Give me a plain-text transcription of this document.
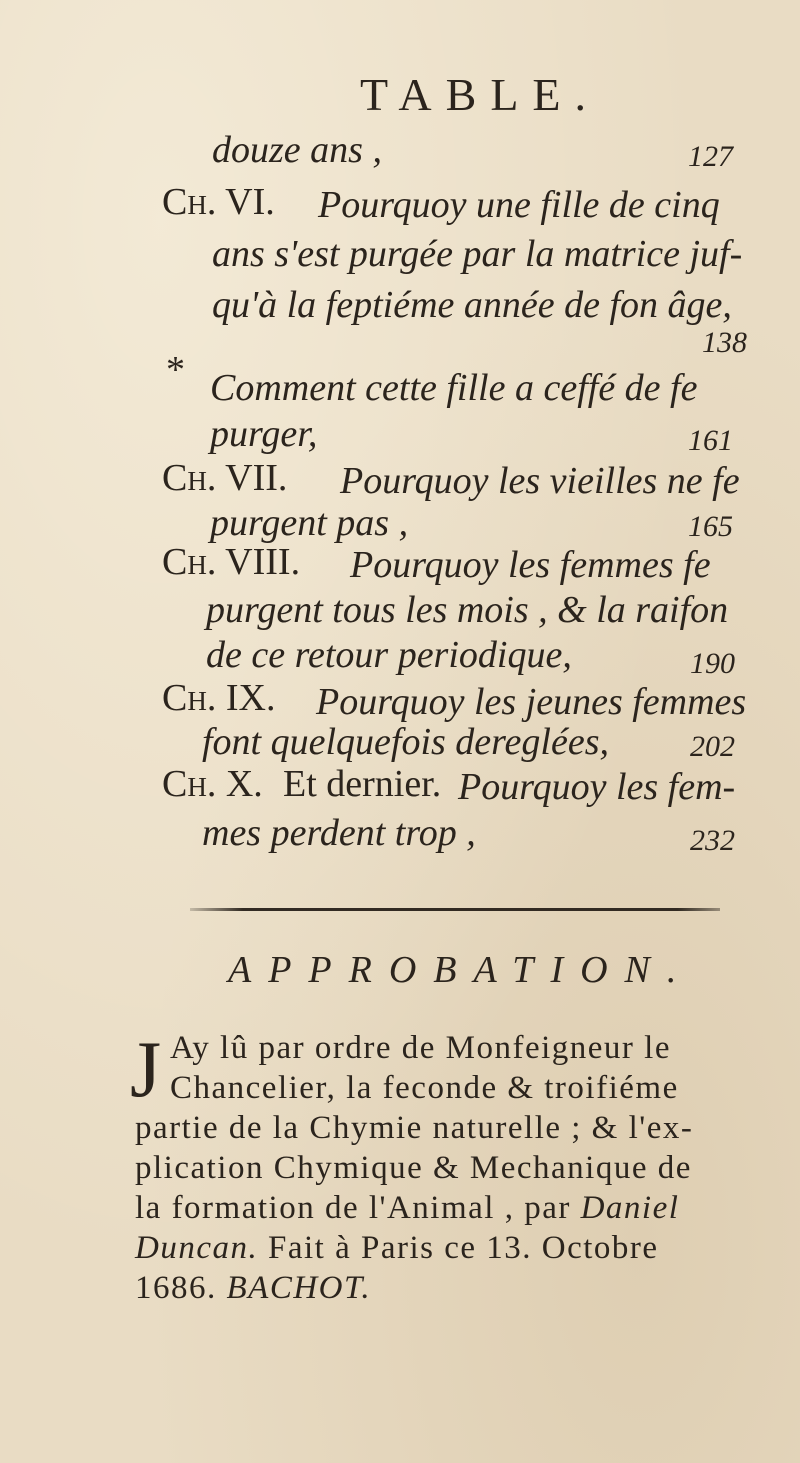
TABLE.
douze ans ,	127
Ch. VI. Pourquoy une fille de cinq
ans s'est purgée par la matrice juf-
qu'à la feptiéme année de fon âge,
138
* Comment cette fille a ceffé de fe
purger,	161
Ch. VII. Pourquoy les vieilles ne fe
purgent pas ,	165
Ch. VIII. Pourquoy les femmes fe
purgent tous les mois , & la raifon
de ce retour periodique,	190
Ch. IX. Pourquoy les jeunes femmes
font quelquefois dereglées,	202
Ch. X. Et dernier. Pourquoy les fem-
mes perdent trop ,	232
APPROBATION.
J Ay lû par ordre de Monfeigneur le
Chancelier, la feconde & troifiéme
partie de la Chymie naturelle ; & l'ex-
plication Chymique & Mechanique de
la formation de l'Animal , par Daniel
Duncan. Fait à Paris ce 13. Octobre
1686. BACHOT.
